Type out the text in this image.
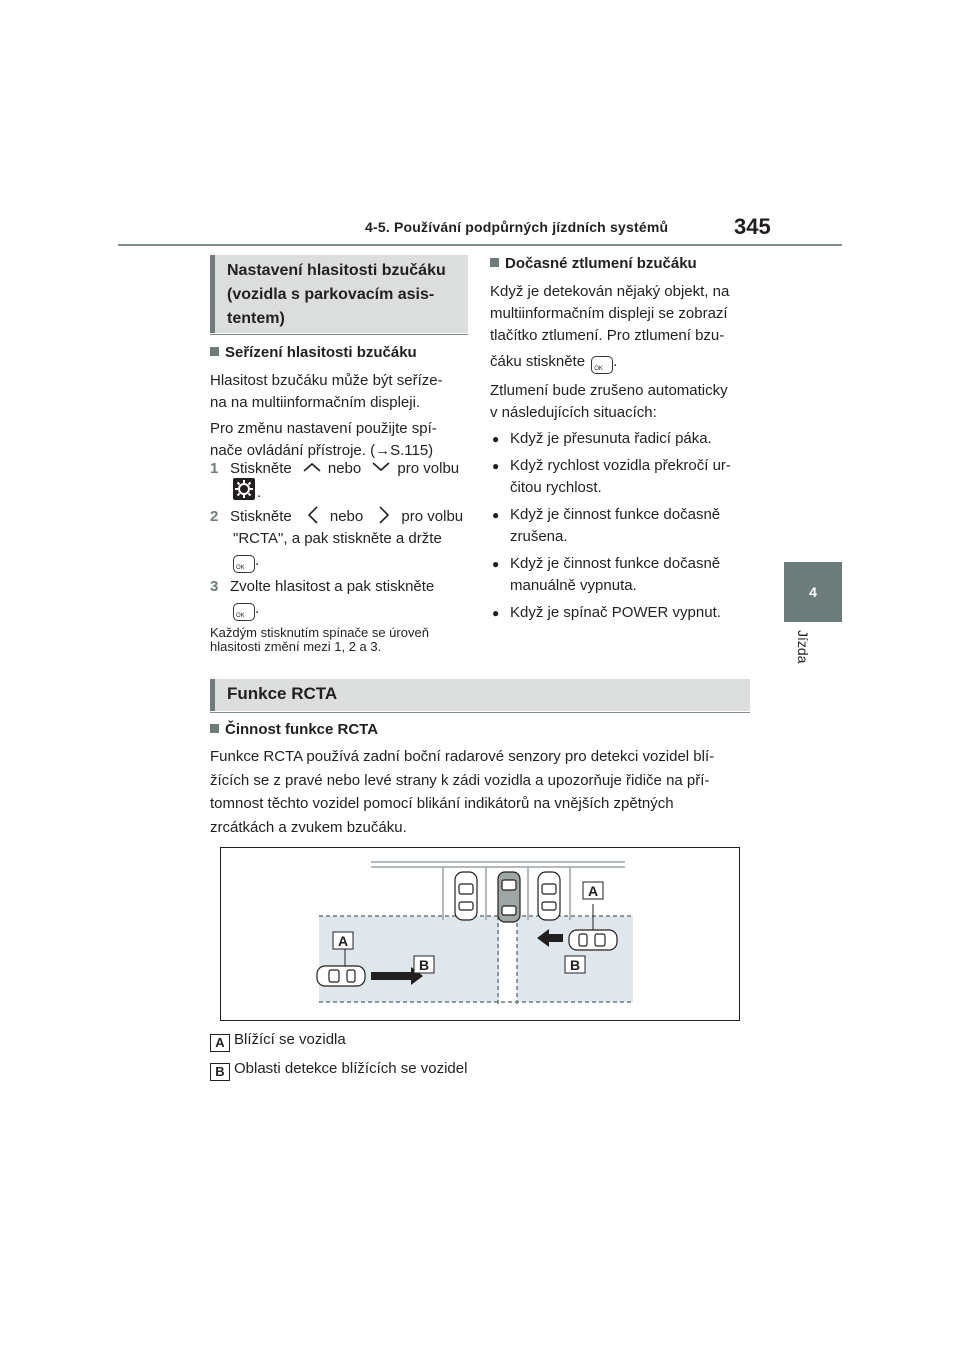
4-5. Používání podpůrných jízdních systémů	345
4
Jízda
Nastavení hlasitosti bzučáku
(vozidla s parkovacím asis-
tentem)
Seřízení hlasitosti bzučáku

Hlasitost bzučáku může být seříze-

na na multiinformačním displeji.

Pro změnu nastavení použijte spí-

nače ovládání přístroje. (→S.115)

1 Stiskněte nebo pro volbu
.
2 Stiskněte	nebo	pro volbu
"RCTA", a pak stiskněte a držte
OK .
3 Zvolte hlasitost a pak stiskněte
OK .
Každým stisknutím spínače se úroveň
hlasitosti změní mezi 1, 2 a 3.
Dočasné ztlumení bzučáku

Když je detekován nějaký objekt, na

multiinformačním displeji se zobrazí

tlačítko ztlumení. Pro ztlumení bzu-

čáku stiskněte OK .

Ztlumení bude zrušeno automaticky

v následujících situacích:

● Když je přesunuta řadicí páka.
● Když rychlost vozidla překročí ur-
čitou rychlost.
● Když je činnost funkce dočasně
zrušena.
● Když je činnost funkce dočasně
manuálně vypnuta.
● Když je spínač POWER vypnut.
Funkce RCTA
Činnost funkce RCTA

Funkce RCTA používá zadní boční radarové senzory pro detekci vozidel blí-

žících se z pravé nebo levé strany k zádi vozidla a upozorňuje řidiče na pří-

tomnost těchto vozidel pomocí blikání indikátorů na vnějších zpětných

zrcátkách a zvukem bzučáku.

A
A
B	B
A Blížící se vozidla
B Oblasti detekce blížících se vozidel
